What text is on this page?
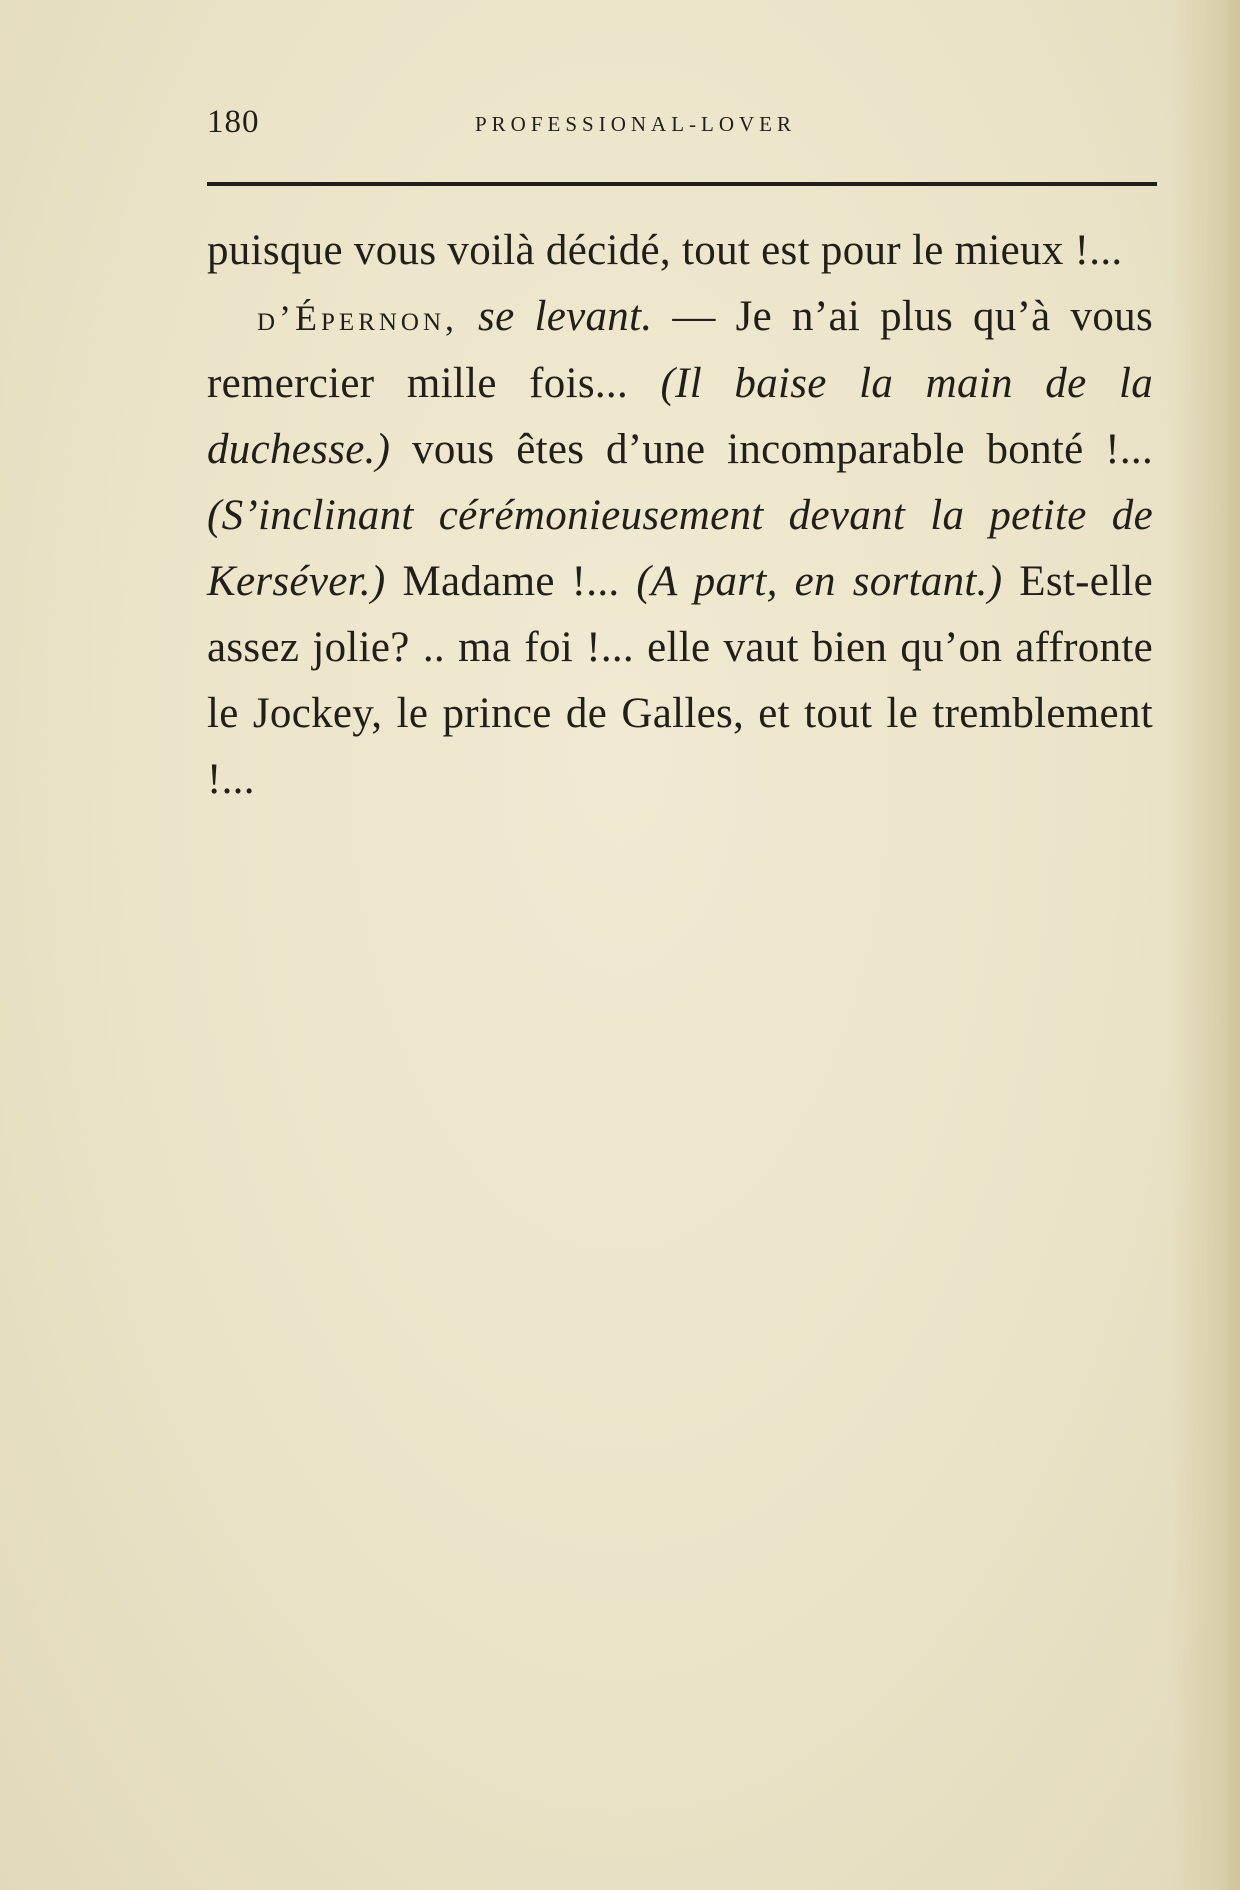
180	PROFESSIONAL-LOVER

puisque vous voilà décidé, tout est pour le mieux !...

d’Épernon, se levant. — Je n’ai plus qu’à vous remercier mille fois... (Il baise la main de la duchesse.) vous êtes d’une incomparable bonté !... (S’inclinant cérémonieusement devant la petite de Kerséver.) Madame !... (A part, en sortant.) Est-elle assez jolie? .. ma foi !... elle vaut bien qu’on affronte le Jockey, le prince de Galles, et tout le tremblement !...
